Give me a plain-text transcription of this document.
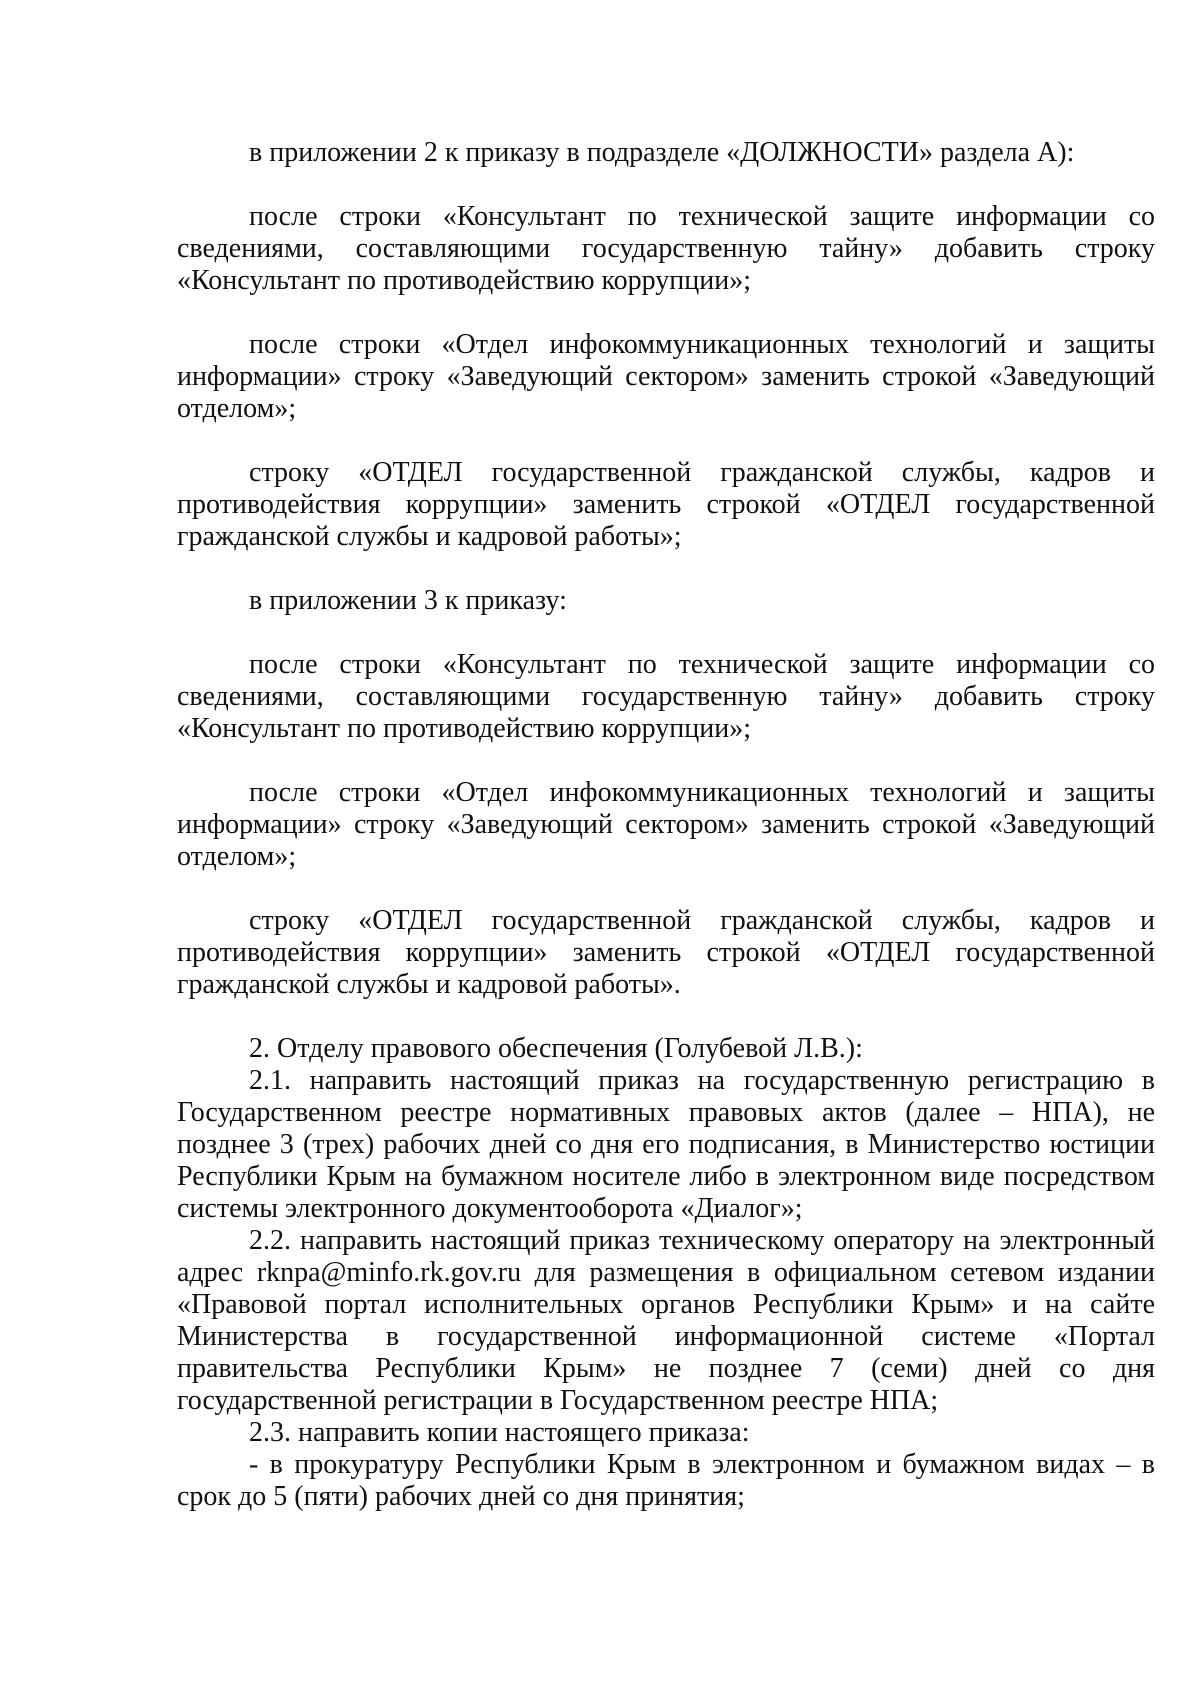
в приложении 2 к приказу в подразделе «ДОЛЖНОСТИ» раздела А):

после строки «Консультант по технической защите информации со сведениями, составляющими государственную тайну» добавить строку «Консультант по противодействию коррупции»;

после строки «Отдел инфокоммуникационных технологий и защиты информации» строку «Заведующий сектором» заменить строкой «Заведующий отделом»;

строку «ОТДЕЛ государственной гражданской службы, кадров и противодействия коррупции» заменить строкой «ОТДЕЛ государственной гражданской службы и кадровой работы»;

в приложении 3 к приказу:

после строки «Консультант по технической защите информации со сведениями, составляющими государственную тайну» добавить строку «Консультант по противодействию коррупции»;

после строки «Отдел инфокоммуникационных технологий и защиты информации» строку «Заведующий сектором» заменить строкой «Заведующий отделом»;

строку «ОТДЕЛ государственной гражданской службы, кадров и противодействия коррупции» заменить строкой «ОТДЕЛ государственной гражданской службы и кадровой работы».

2. Отделу правового обеспечения (Голубевой Л.В.):

2.1. направить настоящий приказ на государственную регистрацию в Государственном реестре нормативных правовых актов (далее – НПА), не позднее 3 (трех) рабочих дней со дня его подписания, в Министерство юстиции Республики Крым на бумажном носителе либо в электронном виде посредством системы электронного документооборота «Диалог»;

2.2. направить настоящий приказ техническому оператору на электронный адрес rknpa@minfo.rk.gov.ru для размещения в официальном сетевом издании «Правовой портал исполнительных органов Республики Крым» и на сайте Министерства в государственной информационной системе «Портал правительства Республики Крым» не позднее 7 (семи) дней со дня государственной регистрации в Государственном реестре НПА;

2.3. направить копии настоящего приказа:

- в прокуратуру Республики Крым в электронном и бумажном видах – в срок до 5 (пяти) рабочих дней со дня принятия;
